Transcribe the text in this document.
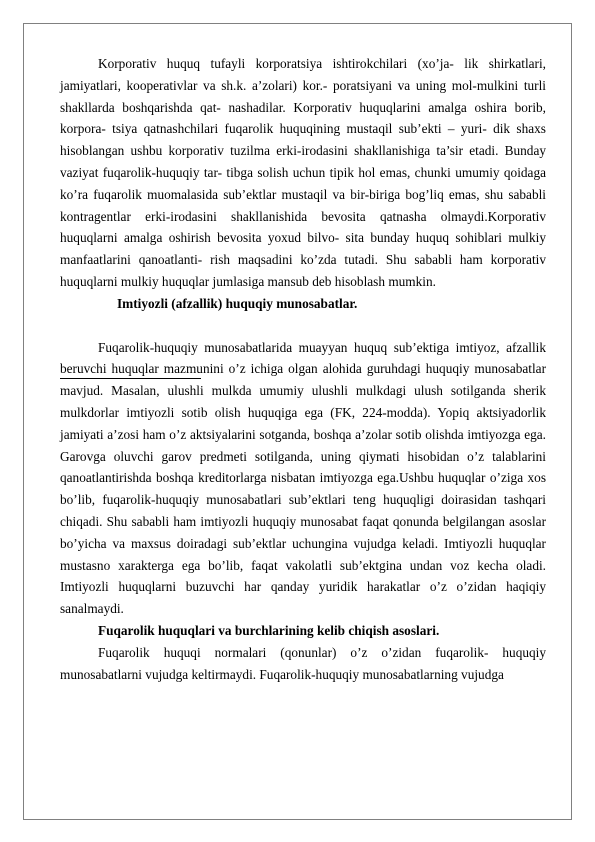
Korporativ huquq tufayli korporatsiya ishtirokchilari (xo’ja- lik shirkatlari, jamiyatlari, kooperativlar va sh.k. a’zolari) kor.- poratsiyani va uning mol-mulkini turli shakllarda boshqarishda qat- nashadilar. Korporativ huquqlarini amalga oshira borib, korpora- tsiya qatnashchilari fuqarolik huquqining mustaqil sub’ekti – yuri- dik shaxs hisoblangan ushbu korporativ tuzilma erki-irodasini shakllanishiga ta’sir etadi. Bunday vaziyat fuqarolik-huquqiy tar- tibga solish uchun tipik hol emas, chunki umumiy qoidaga ko’ra fuqarolik muomalasida sub’ektlar mustaqil va bir-biriga bog’liq emas, shu sababli kontragentlar erki-irodasini shakllanishida bevosita qatnasha olmaydi.Korporativ huquqlarni amalga oshirish bevosita yoxud bilvo- sita bunday huquq sohiblari mulkiy manfaatlarini qanoatlanti- rish maqsadini ko’zda tutadi. Shu sababli ham korporativ huquqlarni mulkiy huquqlar jumlasiga mansub deb hisoblash mumkin.

Imtiyozli (afzallik) huquqiy munosabatlar.

Fuqarolik-huquqiy munosabatlarida muayyan huquq sub’ektiga imtiyoz, afzallik beruvchi huquqlar mazmunini o’z ichiga olgan alohida guruhdagi huquqiy munosabatlar mavjud. Masalan, ulushli mulkda umumiy ulushli mulkdagi ulush sotilganda sherik mulkdorlar imtiyozli sotib olish huquqiga ega (FK, 224-modda). Yopiq aktsiyadorlik jamiyati a’zosi ham o’z aktsiyalarini sotganda, boshqa a’zolar sotib olishda imtiyozga ega. Garovga oluvchi garov predmeti sotilganda, uning qiymati hisobidan o’z talablarini qanoatlantirishda boshqa kreditorlarga nisbatan imtiyozga ega.Ushbu huquqlar o’ziga xos bo’lib, fuqarolik-huquqiy munosabatlari sub’ektlari teng huquqligi doirasidan tashqari chiqadi. Shu sababli ham imtiyozli huquqiy munosabat faqat qonunda belgilangan asoslar bo’yicha va maxsus doiradagi sub’ektlar uchungina vujudga keladi. Imtiyozli huquqlar mustasno xarakterga ega bo’lib, faqat vakolatli sub’ektgina undan voz kecha oladi. Imtiyozli huquqlarni buzuvchi har qanday yuridik harakatlar o’z o’zidan haqiqiy sanalmaydi.

Fuqarolik huquqlari va burchlarining kelib chiqish asoslari.

Fuqarolik huquqi normalari (qonunlar) o’z o’zidan fuqarolik- huquqiy munosabatlarni vujudga keltirmaydi. Fuqarolik-huquqiy munosabatlarning vujudga
